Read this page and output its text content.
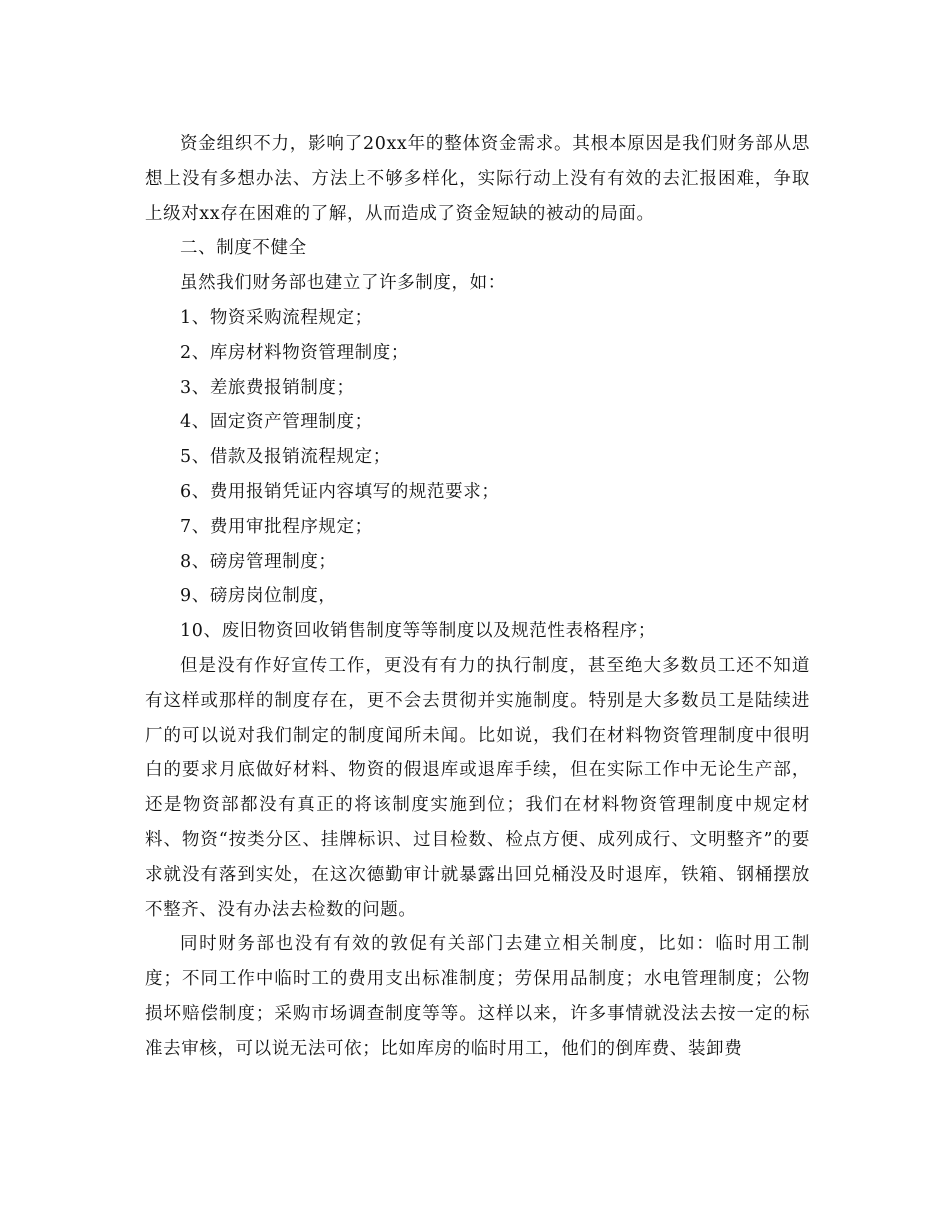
资金组织不力，影响了20xx年的整体资金需求。其根本原因是我们财务部从思想上没有多想办法、方法上不够多样化，实际行动上没有有效的去汇报困难，争取上级对xx存在困难的了解，从而造成了资金短缺的被动的局面。

二、制度不健全

虽然我们财务部也建立了许多制度，如：

1、物资采购流程规定；

2、库房材料物资管理制度；

3、差旅费报销制度；

4、固定资产管理制度；

5、借款及报销流程规定；

6、费用报销凭证内容填写的规范要求；

7、费用审批程序规定；

8、磅房管理制度；

9、磅房岗位制度，

10、废旧物资回收销售制度等等制度以及规范性表格程序；

但是没有作好宣传工作，更没有有力的执行制度，甚至绝大多数员工还不知道有这样或那样的制度存在，更不会去贯彻并实施制度。特别是大多数员工是陆续进厂的可以说对我们制定的制度闻所未闻。比如说，我们在材料物资管理制度中很明白的要求月底做好材料、物资的假退库或退库手续，但在实际工作中无论生产部，还是物资部都没有真正的将该制度实施到位；我们在材料物资管理制度中规定材料、物资“按类分区、挂牌标识、过目检数、检点方便、成列成行、文明整齐”的要求就没有落到实处，在这次德勤审计就暴露出回兑桶没及时退库，铁箱、钢桶摆放不整齐、没有办法去检数的问题。

同时财务部也没有有效的敦促有关部门去建立相关制度，比如：临时用工制度；不同工作中临时工的费用支出标准制度；劳保用品制度；水电管理制度；公物损坏赔偿制度；采购市场调查制度等等。这样以来，许多事情就没法去按一定的标准去审核，可以说无法可依；比如库房的临时用工，他们的倒库费、装卸费
